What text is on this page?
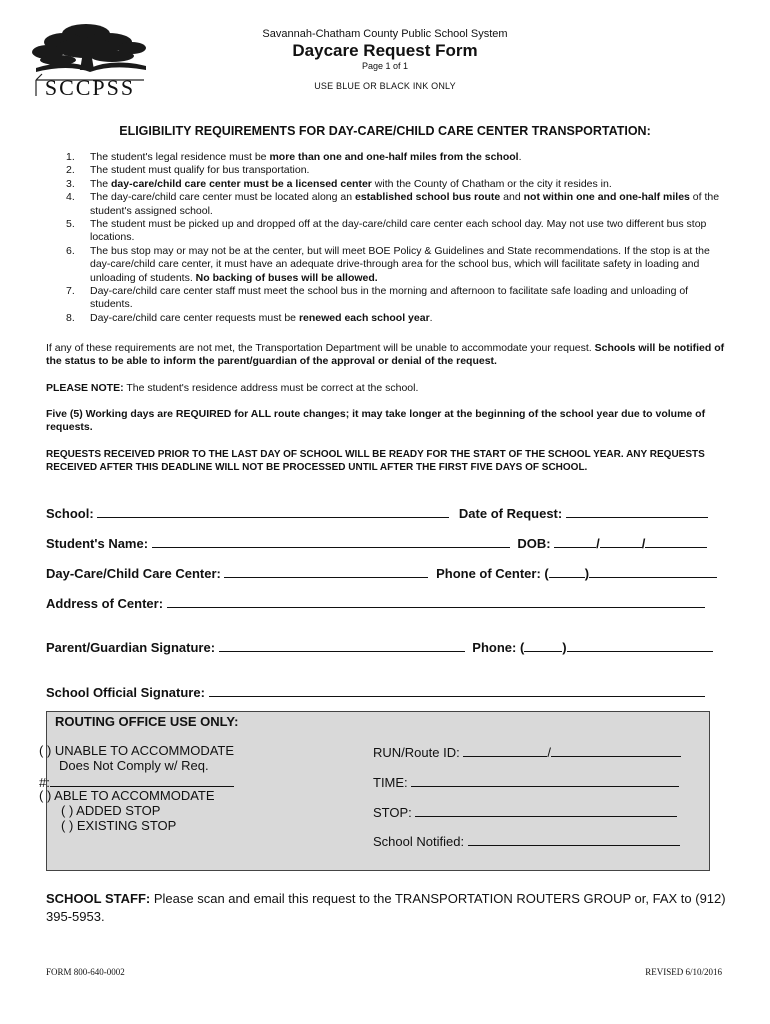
SCCPSS
Savannah-Chatham County Public School System
Daycare Request Form
Page 1 of 1
USE BLUE OR BLACK INK ONLY
ELIGIBILITY REQUIREMENTS FOR DAY-CARE/CHILD CARE CENTER TRANSPORTATION:
1.	The student's legal residence must be more than one and one-half miles from the school.
2.	The student must qualify for bus transportation.
3.	The day-care/child care center must be a licensed center with the County of Chatham or the city it resides in.
4.	The day-care/child care center must be located along an established school bus route and not within one and one-half miles of the student's assigned school.
5.	The student must be picked up and dropped off at the day-care/child care center each school day. May not use two different bus stop locations.
6.	The bus stop may or may not be at the center, but will meet BOE Policy & Guidelines and State recommendations. If the stop is at the day-care/child care center, it must have an adequate drive-through area for the school bus, which will facilitate safety in loading and unloading of students. No backing of buses will be allowed.
7.	Day-care/child care center staff must meet the school bus in the morning and afternoon to facilitate safe loading and unloading of students.
8.	Day-care/child care center requests must be renewed each school year.
If any of these requirements are not met, the Transportation Department will be unable to accommodate your request. Schools will be notified of the status to be able to inform the parent/guardian of the approval or denial of the request.
PLEASE NOTE: The student's residence address must be correct at the school.
Five (5) Working days are REQUIRED for ALL route changes; it may take longer at the beginning of the school year due to volume of requests.
REQUESTS RECEIVED PRIOR TO THE LAST DAY OF SCHOOL WILL BE READY FOR THE START OF THE SCHOOL YEAR. ANY REQUESTS RECEIVED AFTER THIS DEADLINE WILL NOT BE PROCESSED UNTIL AFTER THE FIRST FIVE DAYS OF SCHOOL.
School:	Date of Request:
Student's Name:	DOB:	/	/
Day-Care/Child Care Center:	Phone of Center: (	)
Address of Center:
Parent/Guardian Signature:	Phone: (	)
School Official Signature:
ROUTING OFFICE USE ONLY:
( ) UNABLE TO ACCOMMODATE
Does Not Comply w/ Req.
#:
( ) ABLE TO ACCOMMODATE
( ) ADDED STOP
( ) EXISTING STOP
RUN/Route ID:	/
TIME:
STOP:
School Notified:
SCHOOL STAFF: Please scan and email this request to the TRANSPORTATION ROUTERS GROUP or, FAX to (912) 395-5953.
FORM 800-640-0002	REVISED 6/10/2016
